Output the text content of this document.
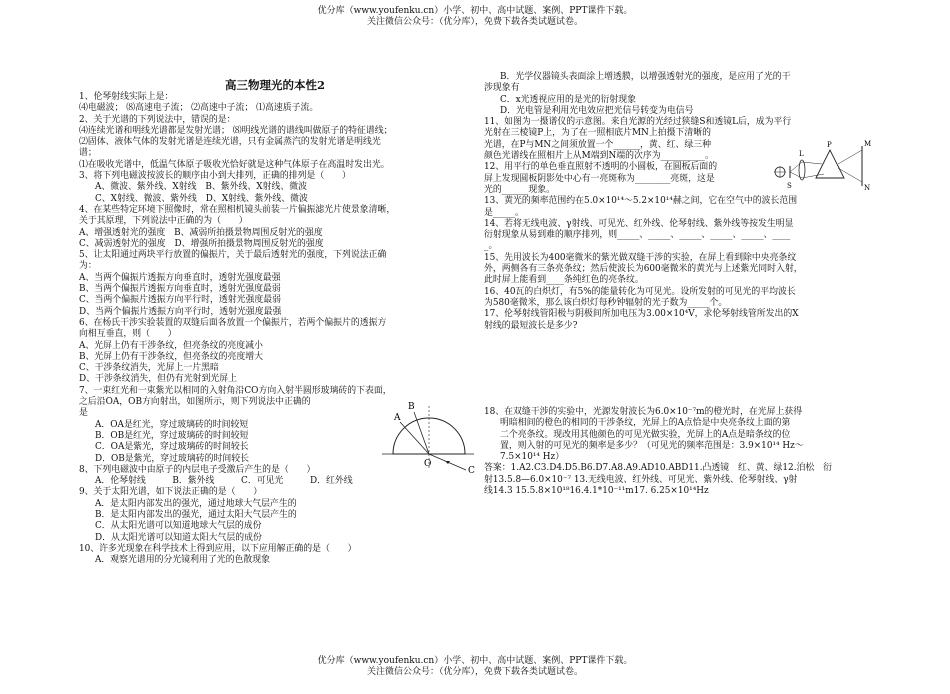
优分库（www.youfenku.cn）小学、初中、高中试题、案例、PPT课件下载。
关注微信公众号：（优分库），免费下载各类试题试卷。

高三物理光的本性2

1、伦琴射线实际上是：

⑷电磁波； ⑻高速电子流； ⑵高速中子流； ⑴高速质子流。

2、关于光谱的下列说法中，错误的是：

⑷连续光谱和明线光谱都是发射光谱； ⑻明线光谱的谱线叫做原子的特征谱线；

⑵固体、液体气体的发射光谱是连续光谱，只有金属蒸汽的发射光谱是明线光

谱；

⑴在吸收光谱中，低温气体原子吸收光恰好就是这种气体原子在高温时发出光。

3、将下列电磁波按波长的顺序由小到大排列，正确的排列是（　　）

A、微波、紫外线、X射线　B、紫外线、X射线、微波

C、X射线、微波、紫外线　D、X射线、紫外线、微波

4、在某些特定环境下照像时，常在照相机镜头前装一片偏振滤光片使景象清晰，

关于其原理，下列说法中正确的为（　　）

A、增强透射光的强度　B、减弱所拍摄景物周围反射光的强度

C、减弱透射光的强度　D、增强所拍摄景物周围反射光的强度

5、让太阳通过两块平行放置的偏振片，关于最后透射光的强度，下列说法正确

为：

A、当两个偏振片透振方向垂直时，透射光强度最强

B、当两个偏振片透振方向垂直时，透射光强度最弱

C、当两个偏振片透振方向平行时，透射光强度最弱

D、当两个偏振片透振方向平行时，透射光强度最强

6、在杨氏干涉实验装置的双缝后面各放置一个偏振片，若两个偏振片的透振方

向相互垂直，则（　　）

A、光屏上仍有干涉条纹，但亮条纹的亮度减小

B、光屏上仍有干涉条纹，但亮条纹的亮度增大

C、干涉条纹消失，光屏上一片黑暗

D、干涉条纹消失，但仍有光射到光屏上

7、一束红光和一束紫光以相同的入射角沿CO方向入射半圆形玻璃砖的下表面，

之后沿OA，OB方向射出，如图所示，则下列说法中正确的

是

A．OA是红光，穿过玻璃砖的时间较短

B．OB是红光，穿过玻璃砖的时间较短

C．OA是紫光，穿过玻璃砖的时间较长

D．OB是紫光，穿过玻璃砖的时间较长

8、下列电磁波中由原子的内层电子受激后产生的是（　　）

A．伦琴射线　　　B．紫外线　　　C．可见光　　　D．红外线

9、关于太阳光谱，如下说法正确的是（　　）

A．是太阳内部发出的强光，通过地球大气层产生的

B．是太阳内部发出的强光，通过太阳大气层产生的

C．从太阳光谱可以知道地球大气层的成份

D．从太阳光谱可以知道太阳大气层的成份

10、许多光现象在科学技术上得到应用，以下应用解正确的是（　　）

A．观察光谱用的分光镜利用了光的色散现象

A
B
C
O

B．光学仪器镜头表面涂上增透膜，以增强透射光的强度，是应用了光的干

涉现象有

C．x光透视应用的是光的衍射现象

D．光电管是利用光电效应把光信号转变为电信号

11、如图为一摄谱仪的示意图。来自光源的光经过狭缝S和透镜L后，成为平行

光射在三棱镜P上，为了在一照相底片MN上拍摄下清晰的

光谱，在P与MN之间须放置一个______，黄、红、绿三种

颜色光谱线在照相片上从M端到N端的次序为__________。

12、用平行的单色垂直照射不透明的小圆板，在圆板后面的

屏上发现圆板阴影处中心有一亮斑称为________亮斑，这是

光的______现象。

13、黄光的频率范围约在5.0×10¹⁴～5.2×10¹⁴赫之间，它在空气中的波长范围

是_____。

14、若将无线电波、γ射线、可见光、红外线、伦琴射线、紫外线等按发生明显

衍射现象从易到难的顺序排列，则_____、_____、_____、_____、_____、____

_。

15、先用波长为400毫微米的紫光做双缝干涉的实验，在屏上看到除中央亮条纹

外，两侧各有三条亮条纹；然后使波长为600毫微米的黄光与上述紫光同时入射，

此时屏上能看到____条纯红色的亮条纹。

16、40瓦的白炽灯，有5%的能量转化为可见光。设所发射的可见光的平均波长

为580毫微米，那么该白炽灯每秒钟辐射的光子数为_____个。

17、伦琴射线管阳极与阴极间所加电压为3.00×10⁴V，求伦琴射线管所发出的X

射线的最短波长是多少?

S
L
P	M
N

18、在双缝干涉的实验中，光源发射波长为6.0×10⁻⁷m的橙光时，在光屏上获得

明暗相间的橙色的相同的干涉条纹，光屏上的A点恰是中央亮条纹上面的第

二个亮条纹。现改用其他颜色的可见光做实验，光屏上的A点是暗条纹的位

置，则入射的可见光的频率是多少？（可见光的频率范围是：3.9×10¹⁴ Hz～

7.5×10¹⁴ Hz）

答案：1.A2.C3.D4.D5.B6.D7.A8.A9.AD10.ABD11.凸透镜　红、黄、绿12.泊松　衍

射13.5.8—6.0×10⁻⁷ 13.无线电波、红外线、可见光、紫外线、伦琴射线、γ射

线14.3 15.5.8×10¹⁸16.4.1*10⁻¹¹m17. 6.25×10¹⁴Hz

优分库（www.youfenku.cn）小学、初中、高中试题、案例、PPT课件下载。
关注微信公众号：（优分库），免费下载各类试题试卷。
